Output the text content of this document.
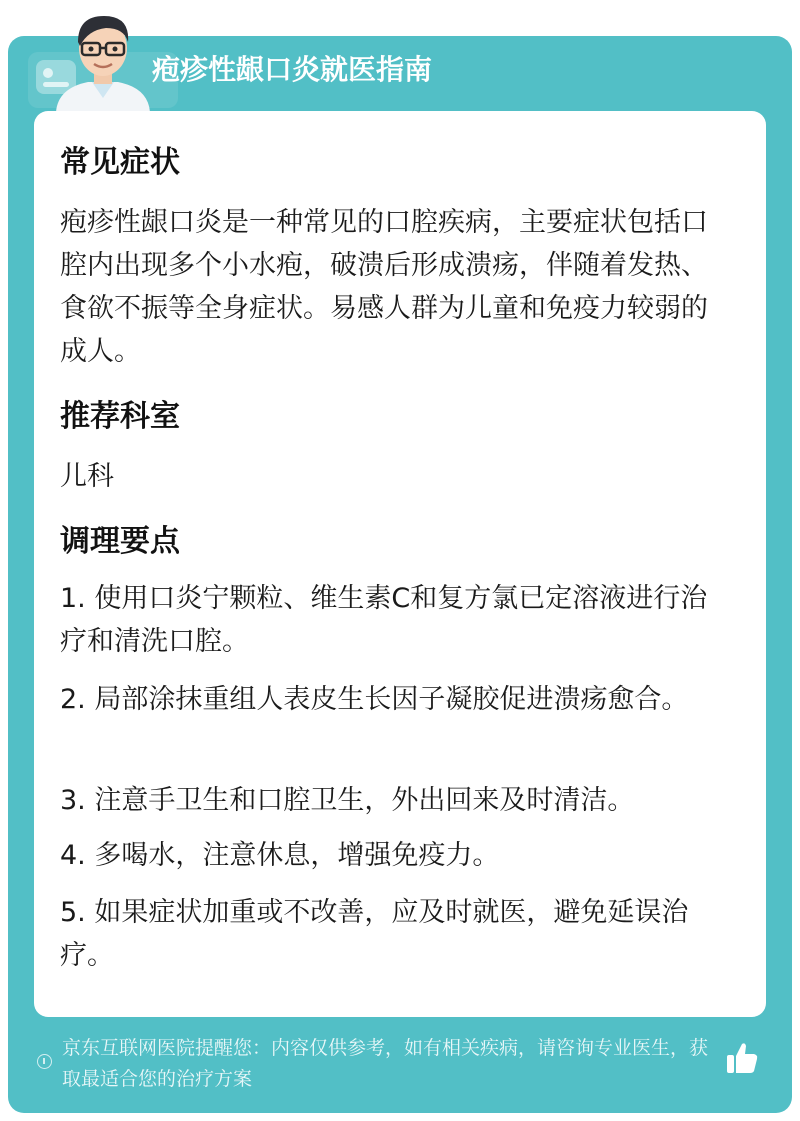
疱疹性龈口炎就医指南
常见症状
疱疹性龈口炎是一种常见的口腔疾病，主要症状包括口腔内出现多个小水疱，破溃后形成溃疡，伴随着发热、食欲不振等全身症状。易感人群为儿童和免疫力较弱的成人。
推荐科室
儿科
调理要点
1. 使用口炎宁颗粒、维生素C和复方氯已定溶液进行治疗和清洗口腔。
2. 局部涂抹重组人表皮生长因子凝胶促进溃疡愈合。
3. 注意手卫生和口腔卫生，外出回来及时清洁。
4. 多喝水，注意休息，增强免疫力。
5. 如果症状加重或不改善，应及时就医，避免延误治疗。
京东互联网医院提醒您：内容仅供参考，如有相关疾病，请咨询专业医生，获取最适合您的治疗方案
